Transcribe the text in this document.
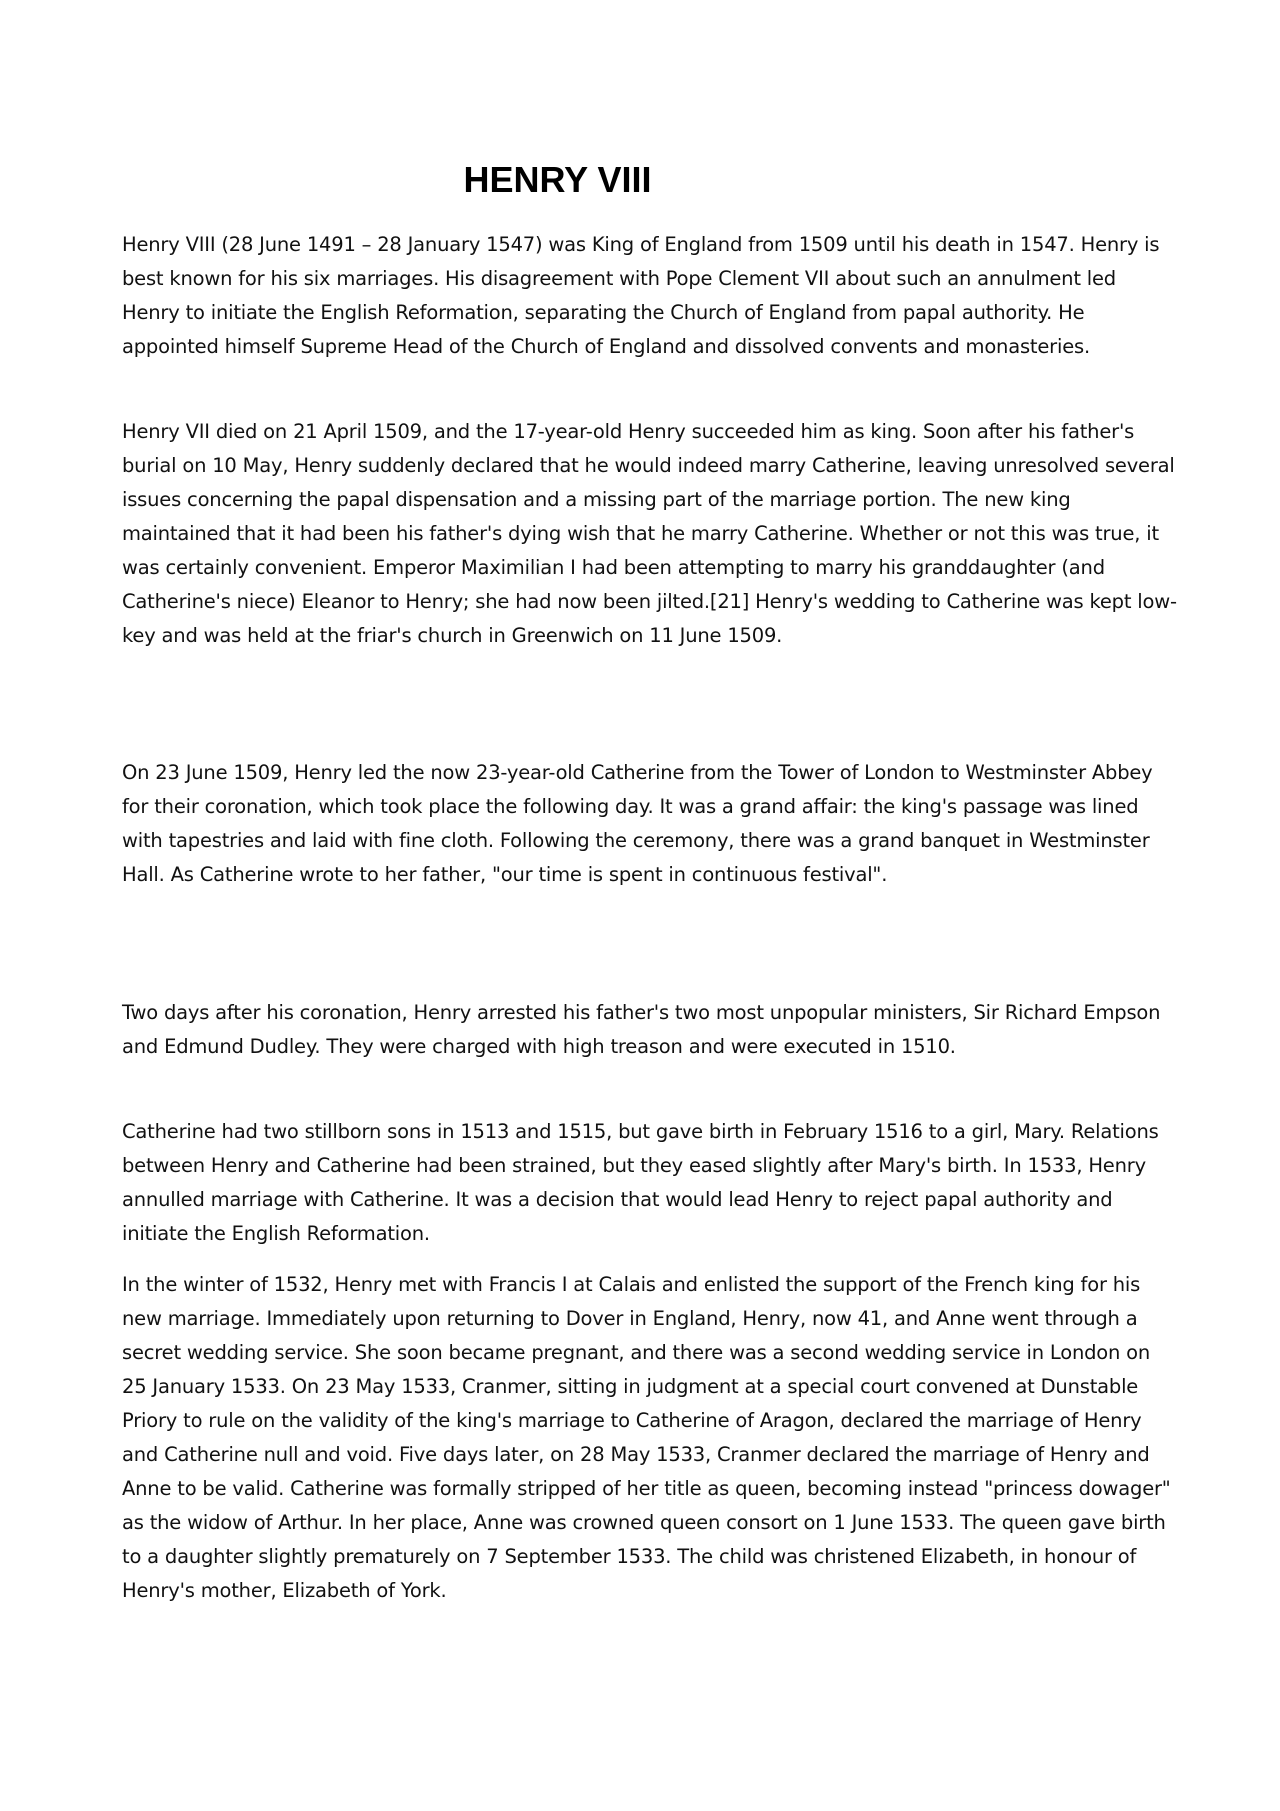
HENRY VIII

Henry VIII (28 June 1491 – 28 January 1547) was King of England from 1509 until his death in 1547. Henry is best known for his six marriages. His disagreement with Pope Clement VII about such an annulment led Henry to initiate the English Reformation, separating the Church of England from papal authority. He appointed himself Supreme Head of the Church of England and dissolved convents and monasteries.

Henry VII died on 21 April 1509, and the 17-year-old Henry succeeded him as king. Soon after his father's burial on 10 May, Henry suddenly declared that he would indeed marry Catherine, leaving unresolved several issues concerning the papal dispensation and a missing part of the marriage portion. The new king maintained that it had been his father's dying wish that he marry Catherine. Whether or not this was true, it was certainly convenient. Emperor Maximilian I had been attempting to marry his granddaughter (and Catherine's niece) Eleanor to Henry; she had now been jilted.[21] Henry's wedding to Catherine was kept low-key and was held at the friar's church in Greenwich on 11 June 1509.

On 23 June 1509, Henry led the now 23-year-old Catherine from the Tower of London to Westminster Abbey for their coronation, which took place the following day. It was a grand affair: the king's passage was lined with tapestries and laid with fine cloth. Following the ceremony, there was a grand banquet in Westminster Hall. As Catherine wrote to her father, "our time is spent in continuous festival".

Two days after his coronation, Henry arrested his father's two most unpopular ministers, Sir Richard Empson and Edmund Dudley. They were charged with high treason and were executed in 1510.

Catherine had two stillborn sons in 1513 and 1515, but gave birth in February 1516 to a girl, Mary. Relations between Henry and Catherine had been strained, but they eased slightly after Mary's birth. In 1533, Henry annulled marriage with Catherine. It was a decision that would lead Henry to reject papal authority and initiate the English Reformation.

In the winter of 1532, Henry met with Francis I at Calais and enlisted the support of the French king for his new marriage. Immediately upon returning to Dover in England, Henry, now 41, and Anne went through a secret wedding service. She soon became pregnant, and there was a second wedding service in London on 25 January 1533. On 23 May 1533, Cranmer, sitting in judgment at a special court convened at Dunstable Priory to rule on the validity of the king's marriage to Catherine of Aragon, declared the marriage of Henry and Catherine null and void. Five days later, on 28 May 1533, Cranmer declared the marriage of Henry and Anne to be valid. Catherine was formally stripped of her title as queen, becoming instead "princess dowager" as the widow of Arthur. In her place, Anne was crowned queen consort on 1 June 1533. The queen gave birth to a daughter slightly prematurely on 7 September 1533. The child was christened Elizabeth, in honour of Henry's mother, Elizabeth of York.
